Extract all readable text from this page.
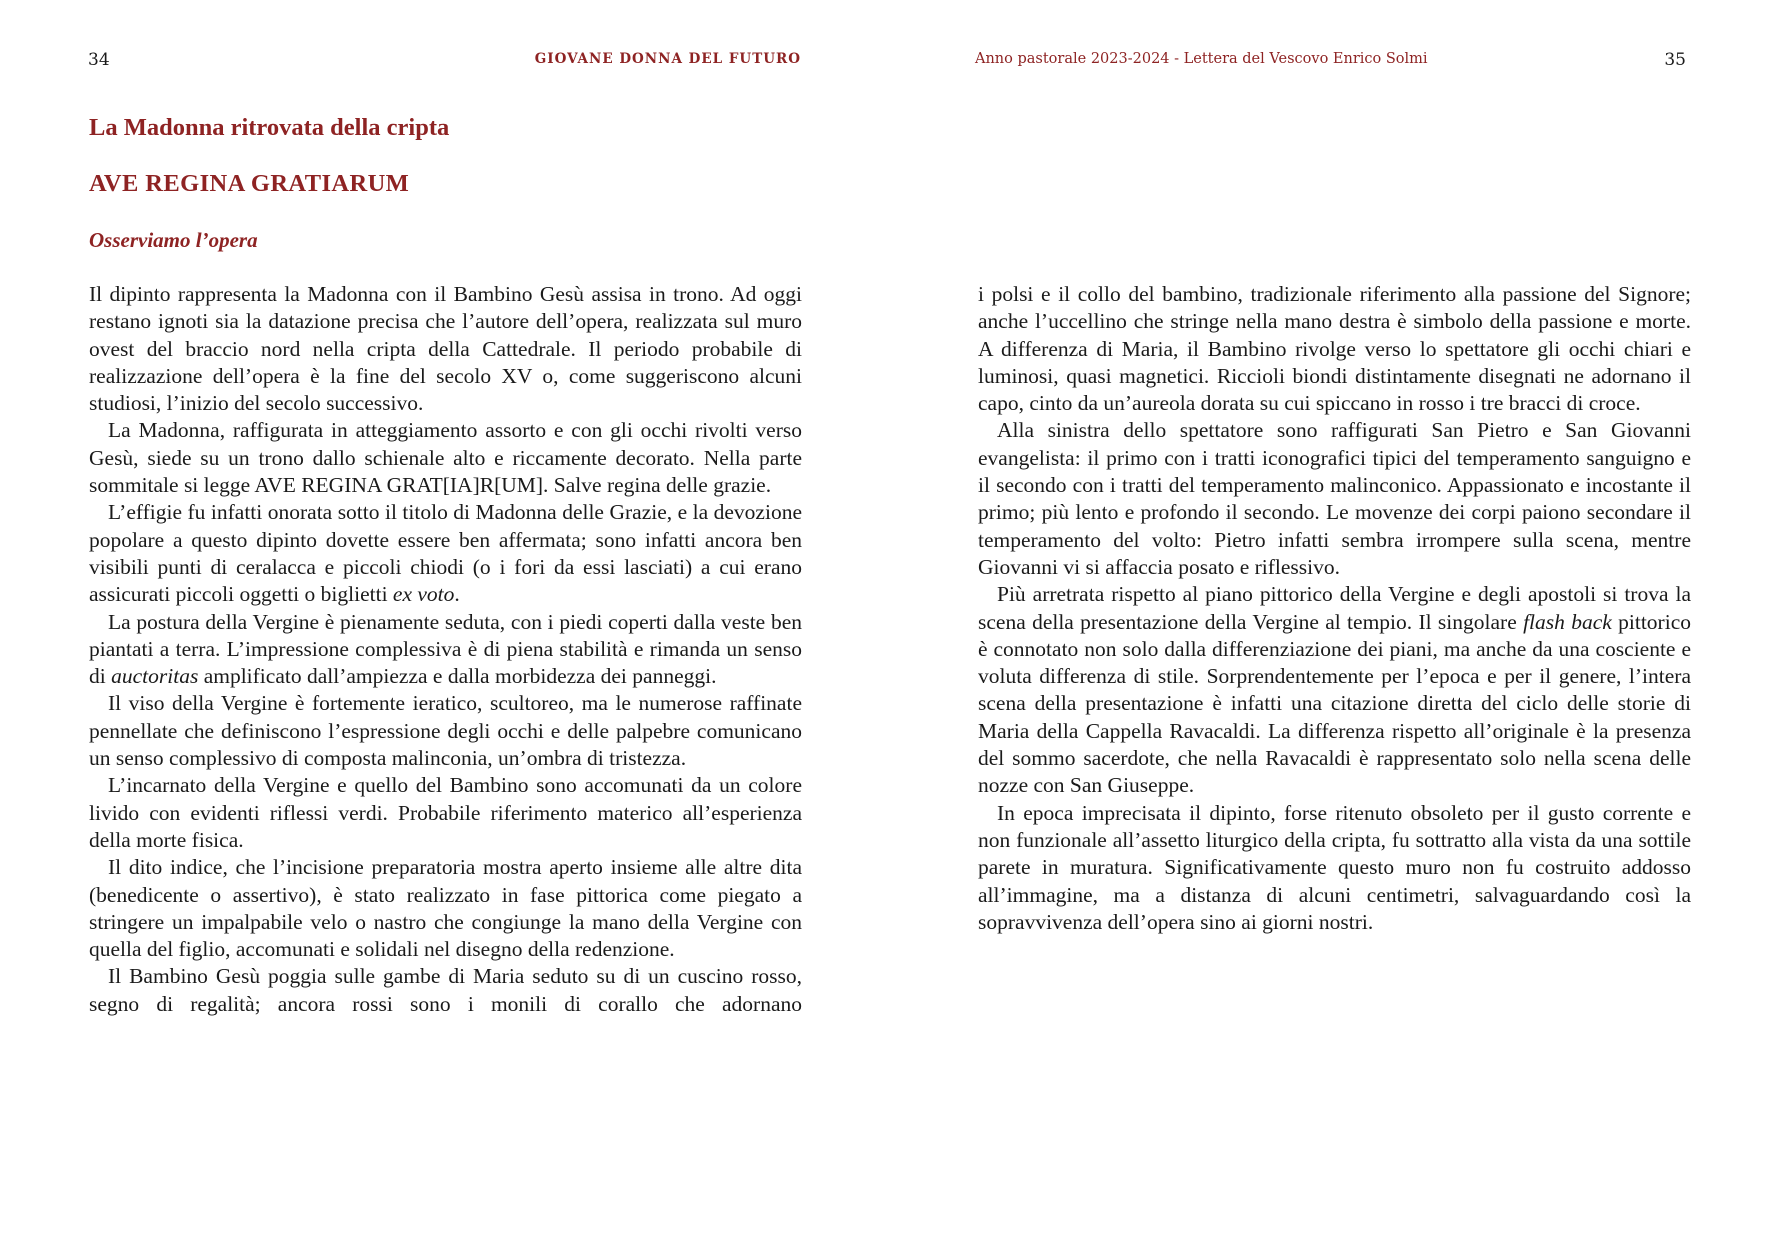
34	GIOVANE DONNA DEL FUTURO
La Madonna ritrovata della cripta
AVE REGINA GRATIARUM
Osserviamo l’opera

Il dipinto rappresenta la Madonna con il Bambino Gesù assisa in trono. Ad oggi restano ignoti sia la datazione precisa che l’autore dell’opera, realizzata sul muro ovest del braccio nord nella cripta della Cattedrale. Il periodo probabile di realizzazione dell’opera è la fine del secolo XV o, come suggeriscono alcuni studiosi, l’inizio del secolo successivo.

La Madonna, raffigurata in atteggiamento assorto e con gli occhi rivolti verso Gesù, siede su un trono dallo schienale alto e riccamente decorato. Nella parte sommitale si legge AVE REGINA GRAT[IA]R[UM]. Salve regina delle grazie.

L’effigie fu infatti onorata sotto il titolo di Madonna delle Grazie, e la devozione popolare a questo dipinto dovette essere ben affermata; sono infatti ancora ben visibili punti di ceralacca e piccoli chiodi (o i fori da essi lasciati) a cui erano assicurati piccoli oggetti o biglietti ex voto.

La postura della Vergine è pienamente seduta, con i piedi coperti dalla veste ben piantati a terra. L’impressione complessiva è di piena stabilità e rimanda un senso di auctoritas amplificato dall’ampiezza e dalla morbidezza dei panneggi.

Il viso della Vergine è fortemente ieratico, scultoreo, ma le numerose raffinate pennellate che definiscono l’espressione degli occhi e delle palpebre comunicano un senso complessivo di composta malinconia, un’ombra di tristezza.

L’incarnato della Vergine e quello del Bambino sono accomunati da un colore livido con evidenti riflessi verdi. Probabile riferimento materico all’esperienza della morte fisica.

Il dito indice, che l’incisione preparatoria mostra aperto insieme alle altre dita (benedicente o assertivo), è stato realizzato in fase pittorica come piegato a stringere un impalpabile velo o nastro che congiunge la mano della Vergine con quella del figlio, accomunati e solidali nel disegno della redenzione.

Il Bambino Gesù poggia sulle gambe di Maria seduto su di un cuscino rosso, segno di regalità; ancora rossi sono i monili di corallo che adornano

Anno pastorale 2023-2024 - Lettera del Vescovo Enrico Solmi	35

i polsi e il collo del bambino, tradizionale riferimento alla passione del Signore; anche l’uccellino che stringe nella mano destra è simbolo della passione e morte. A differenza di Maria, il Bambino rivolge verso lo spettatore gli occhi chiari e luminosi, quasi magnetici. Riccioli biondi distintamente disegnati ne adornano il capo, cinto da un’aureola dorata su cui spiccano in rosso i tre bracci di croce.

Alla sinistra dello spettatore sono raffigurati San Pietro e San Giovanni evangelista: il primo con i tratti iconografici tipici del temperamento sanguigno e il secondo con i tratti del temperamento malinconico. Appassionato e incostante il primo; più lento e profondo il secondo. Le movenze dei corpi paiono secondare il temperamento del volto: Pietro infatti sembra irrompere sulla scena, mentre Giovanni vi si affaccia posato e riflessivo.

Più arretrata rispetto al piano pittorico della Vergine e degli apostoli si trova la scena della presentazione della Vergine al tempio. Il singolare flash back pittorico è connotato non solo dalla differenziazione dei piani, ma anche da una cosciente e voluta differenza di stile. Sorprendentemente per l’epoca e per il genere, l’intera scena della presentazione è infatti una citazione diretta del ciclo delle storie di Maria della Cappella Ravacaldi. La differenza rispetto all’originale è la presenza del sommo sacerdote, che nella Ravacaldi è rappresentato solo nella scena delle nozze con San Giuseppe.

In epoca imprecisata il dipinto, forse ritenuto obsoleto per il gusto corrente e non funzionale all’assetto liturgico della cripta, fu sottratto alla vista da una sottile parete in muratura. Significativamente questo muro non fu costruito addosso all’immagine, ma a distanza di alcuni centimetri, salvaguardando così la sopravvivenza dell’opera sino ai giorni nostri.
